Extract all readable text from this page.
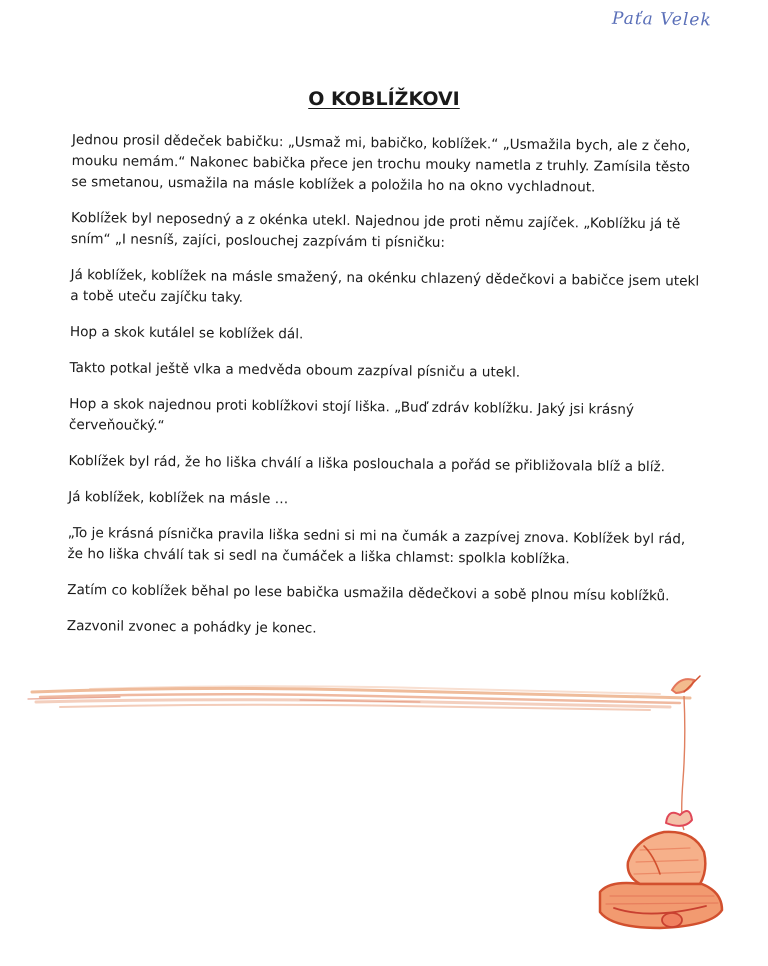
Paťa Velek
O KOBLÍŽKOVI

Jednou prosil dědeček babičku: „Usmaž mi, babičko, koblížek.“ „Usmažila bych, ale z čeho, mouku nemám.“ Nakonec babička přece jen trochu mouky nametla z truhly. Zamísila těsto se smetanou, usmažila na másle koblížek a položila ho na okno vychladnout.

Koblížek byl neposedný a z okénka utekl. Najednou jde proti němu zajíček. „Koblížku já tě sním“ „I nesníš, zajíci, poslouchej zazpívám ti písničku:

Já koblížek, koblížek na másle smažený, na okénku chlazený dědečkovi a babičce jsem utekl a tobě uteču zajíčku taky.

Hop a skok kutálel se koblížek dál.

Takto potkal ještě vlka a medvěda oboum zazpíval písniču a utekl.

Hop a skok najednou proti koblížkovi stojí liška. „Buď zdráv koblížku. Jaký jsi krásný červeňoučký.“

Koblížek byl rád, že ho liška chválí a liška poslouchala a pořád se přibližovala blíž a blíž.

Já koblížek, koblížek na másle …

„To je krásná písnička pravila liška sedni si mi na čumák a zazpívej znova. Koblížek byl rád, že ho liška chválí tak si sedl na čumáček a liška chlamst: spolkla koblížka.

Zatím co koblížek běhal po lese babička usmažila dědečkovi a sobě plnou mísu koblížků.

Zazvonil zvonec a pohádky je konec.
